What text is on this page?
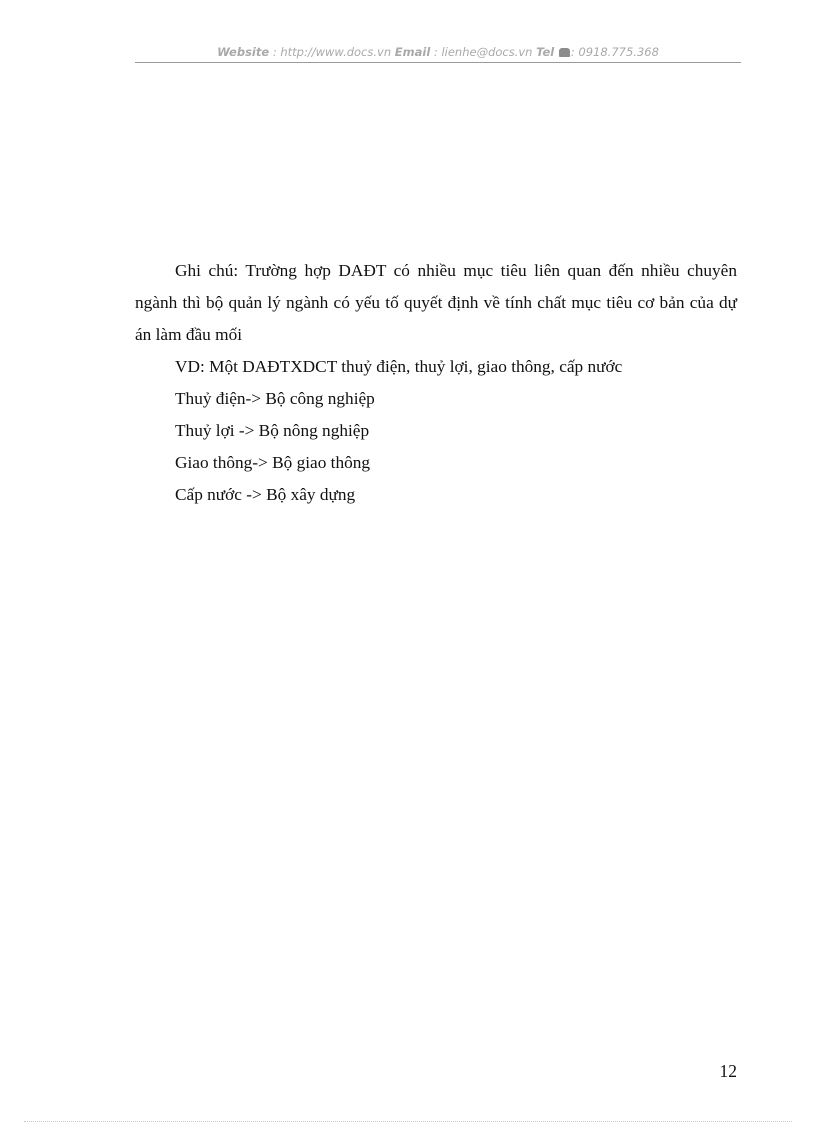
Website : http://www.docs.vn Email : lienhe@docs.vn Tel : 0918.775.368

Ghi chú: Trường hợp DAĐT có nhiều mục tiêu liên quan đến nhiều chuyên ngành thì bộ quản lý ngành có yếu tố quyết định về tính chất mục tiêu cơ bản của dự án làm đầu mối

VD: Một DAĐTXDCT thuỷ điện, thuỷ lợi, giao thông, cấp nước

Thuỷ điện-> Bộ công nghiệp

Thuỷ lợi -> Bộ nông nghiệp

Giao thông-> Bộ giao thông

Cấp nước -> Bộ xây dựng

12
